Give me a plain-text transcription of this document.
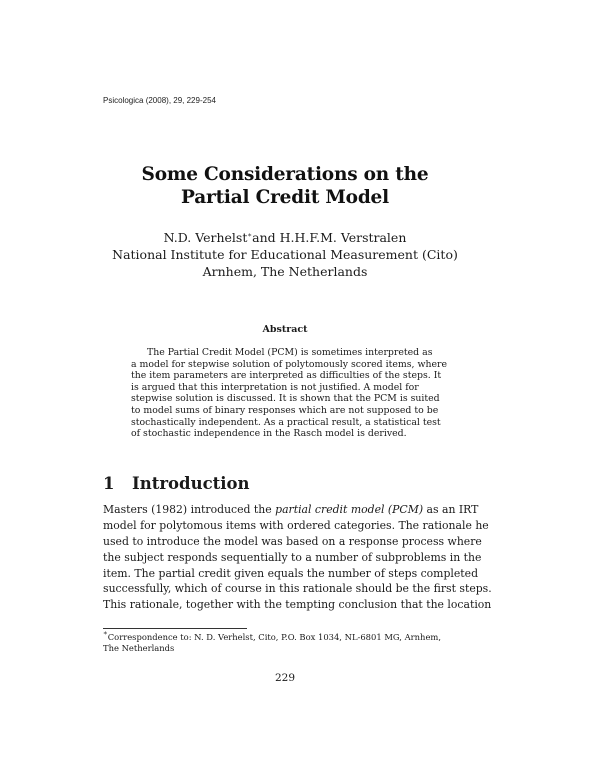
Psicologica (2008), 29, 229-254
Some Considerations on the
Partial Credit Model
N.D. Verhelst∗and H.H.F.M. Verstralen
National Institute for Educational Measurement (Cito)
Arnhem, The Netherlands
Abstract
The Partial Credit Model (PCM) is sometimes interpreted as
a model for stepwise solution of polytomously scored items, where
the item parameters are interpreted as difficulties of the steps. It
is argued that this interpretation is not justified. A model for
stepwise solution is discussed. It is shown that the PCM is suited
to model sums of binary responses which are not supposed to be
stochastically independent. As a practical result, a statistical test
of stochastic independence in the Rasch model is derived.
1 Introduction
Masters (1982) introduced the partial credit model (PCM) as an IRT
model for polytomous items with ordered categories. The rationale he
used to introduce the model was based on a response process where
the subject responds sequentially to a number of subproblems in the
item. The partial credit given equals the number of steps completed
successfully, which of course in this rationale should be the first steps.
This rationale, together with the tempting conclusion that the location
∗Correspondence to: N. D. Verhelst, Cito, P.O. Box 1034, NL-6801 MG, Arnhem,
The Netherlands
229
